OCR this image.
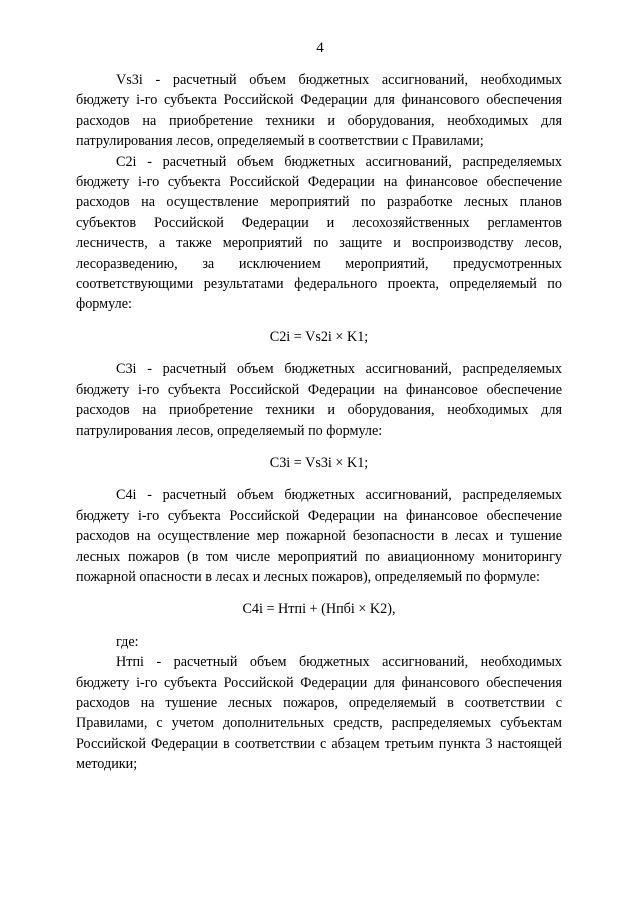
4

Vs3i - расчетный объем бюджетных ассигнований, необходимых бюджету i-го субъекта Российской Федерации для финансового обеспечения расходов на приобретение техники и оборудования, необходимых для патрулирования лесов, определяемый в соответствии с Правилами;

C2i - расчетный объем бюджетных ассигнований, распределяемых бюджету i-го субъекта Российской Федерации на финансовое обеспечение расходов на осуществление мероприятий по разработке лесных планов субъектов Российской Федерации и лесохозяйственных регламентов лесничеств, а также мероприятий по защите и воспроизводству лесов, лесоразведению, за исключением мероприятий, предусмотренных соответствующими результатами федерального проекта, определяемый по формуле:

C2i = Vs2i × K1;

C3i - расчетный объем бюджетных ассигнований, распределяемых бюджету i-го субъекта Российской Федерации на финансовое обеспечение расходов на приобретение техники и оборудования, необходимых для патрулирования лесов, определяемый по формуле:

C3i = Vs3i × K1;

C4i - расчетный объем бюджетных ассигнований, распределяемых бюджету i-го субъекта Российской Федерации на финансовое обеспечение расходов на осуществление мер пожарной безопасности в лесах и тушение лесных пожаров (в том числе мероприятий по авиационному мониторингу пожарной опасности в лесах и лесных пожаров), определяемый по формуле:

C4i = Нтпi + (Нпбi × K2),

где:

Нтпi - расчетный объем бюджетных ассигнований, необходимых бюджету i-го субъекта Российской Федерации для финансового обеспечения расходов на тушение лесных пожаров, определяемый в соответствии с Правилами, с учетом дополнительных средств, распределяемых субъектам Российской Федерации в соответствии с абзацем третьим пункта 3 настоящей методики;
